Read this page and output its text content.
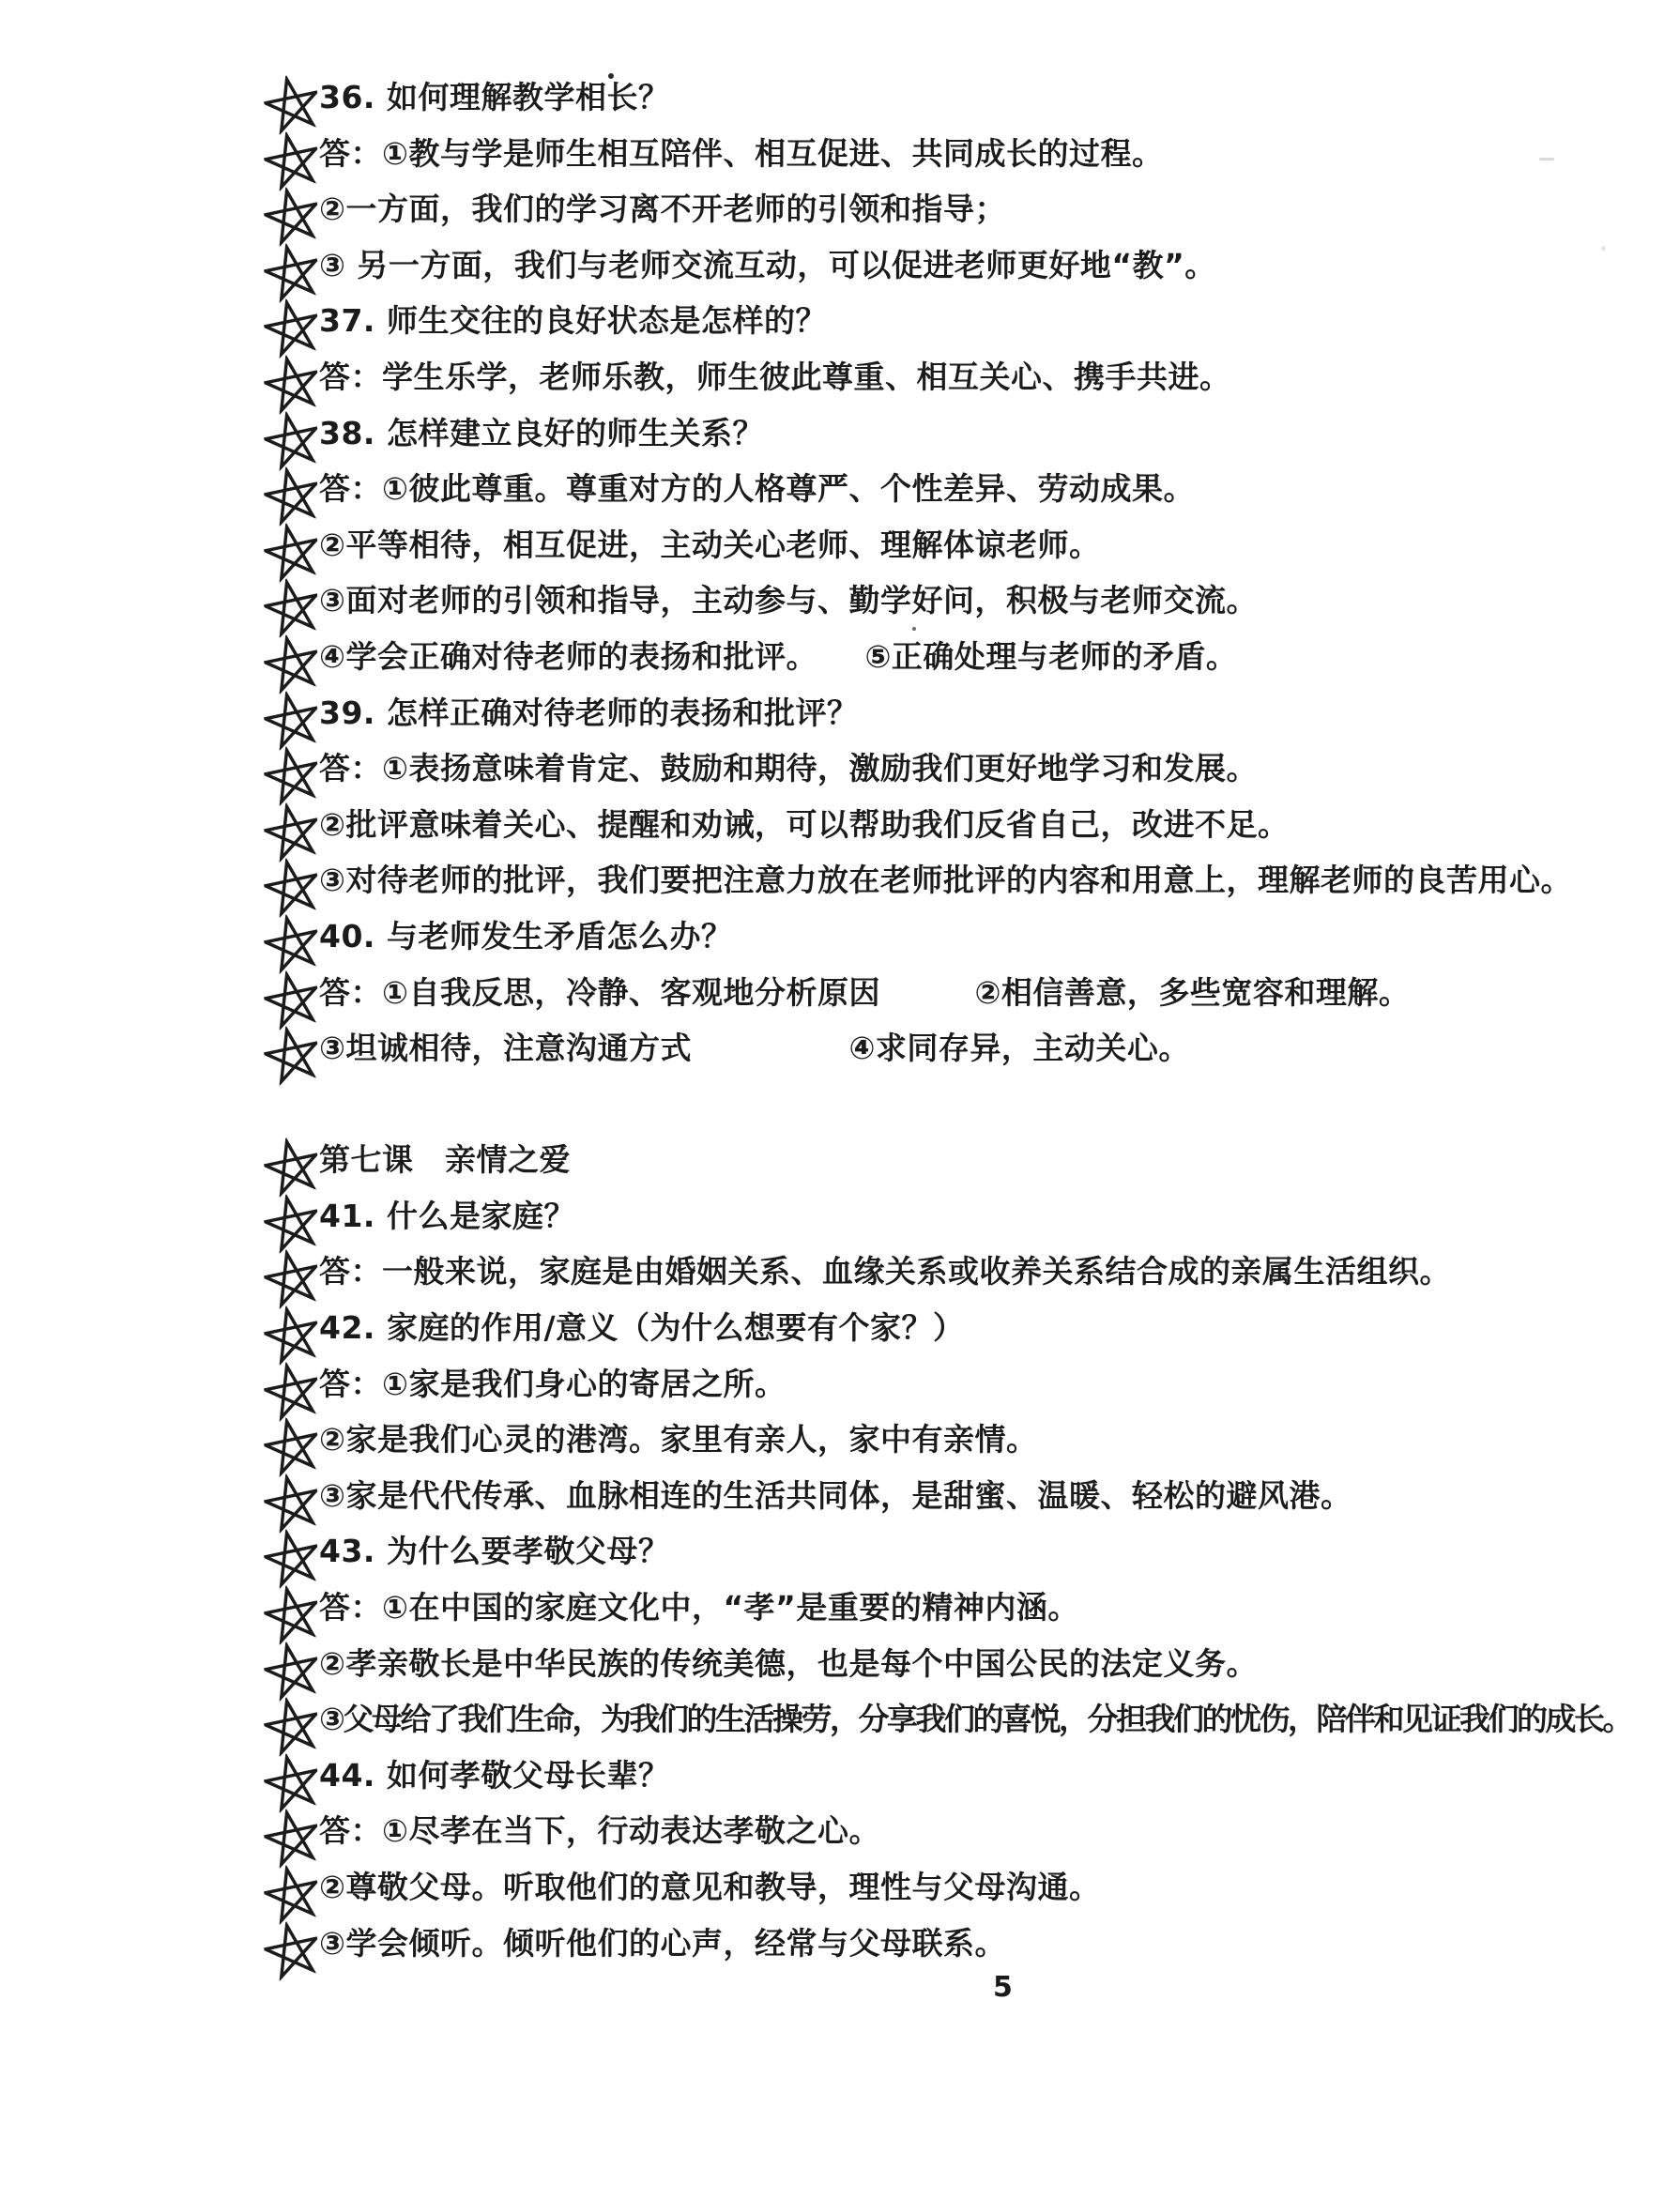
36. 如何理解教学相长？
答：①教与学是师生相互陪伴、相互促进、共同成长的过程。
②一方面，我们的学习离不开老师的引领和指导；
③ 另一方面，我们与老师交流互动，可以促进老师更好地“教”。
37. 师生交往的良好状态是怎样的？
答：学生乐学，老师乐教，师生彼此尊重、相互关心、携手共进。
38. 怎样建立良好的师生关系？
答：①彼此尊重。尊重对方的人格尊严、个性差异、劳动成果。
②平等相待，相互促进，主动关心老师、理解体谅老师。
③面对老师的引领和指导，主动参与、勤学好问，积极与老师交流。
④学会正确对待老师的表扬和批评。　　⑤正确处理与老师的矛盾。
39. 怎样正确对待老师的表扬和批评？
答：①表扬意味着肯定、鼓励和期待，激励我们更好地学习和发展。
②批评意味着关心、提醒和劝诫，可以帮助我们反省自己，改进不足。
③对待老师的批评，我们要把注意力放在老师批评的内容和用意上，理解老师的良苦用心。
40. 与老师发生矛盾怎么办？
答：①自我反思，冷静、客观地分析原因　　　②相信善意，多些宽容和理解。
③坦诚相待，注意沟通方式　　　　　④求同存异，主动关心。
第七课　亲情之爱
41. 什么是家庭？
答：一般来说，家庭是由婚姻关系、血缘关系或收养关系结合成的亲属生活组织。
42. 家庭的作用/意义（为什么想要有个家？）
答：①家是我们身心的寄居之所。
②家是我们心灵的港湾。家里有亲人，家中有亲情。
③家是代代传承、血脉相连的生活共同体，是甜蜜、温暖、轻松的避风港。
43. 为什么要孝敬父母？
答：①在中国的家庭文化中，“孝”是重要的精神内涵。
②孝亲敬长是中华民族的传统美德，也是每个中国公民的法定义务。
③父母给了我们生命，为我们的生活操劳，分享我们的喜悦，分担我们的忧伤，陪伴和见证我们的成长。
44. 如何孝敬父母长辈？
答：①尽孝在当下，行动表达孝敬之心。
②尊敬父母。听取他们的意见和教导，理性与父母沟通。
③学会倾听。倾听他们的心声，经常与父母联系。
5
